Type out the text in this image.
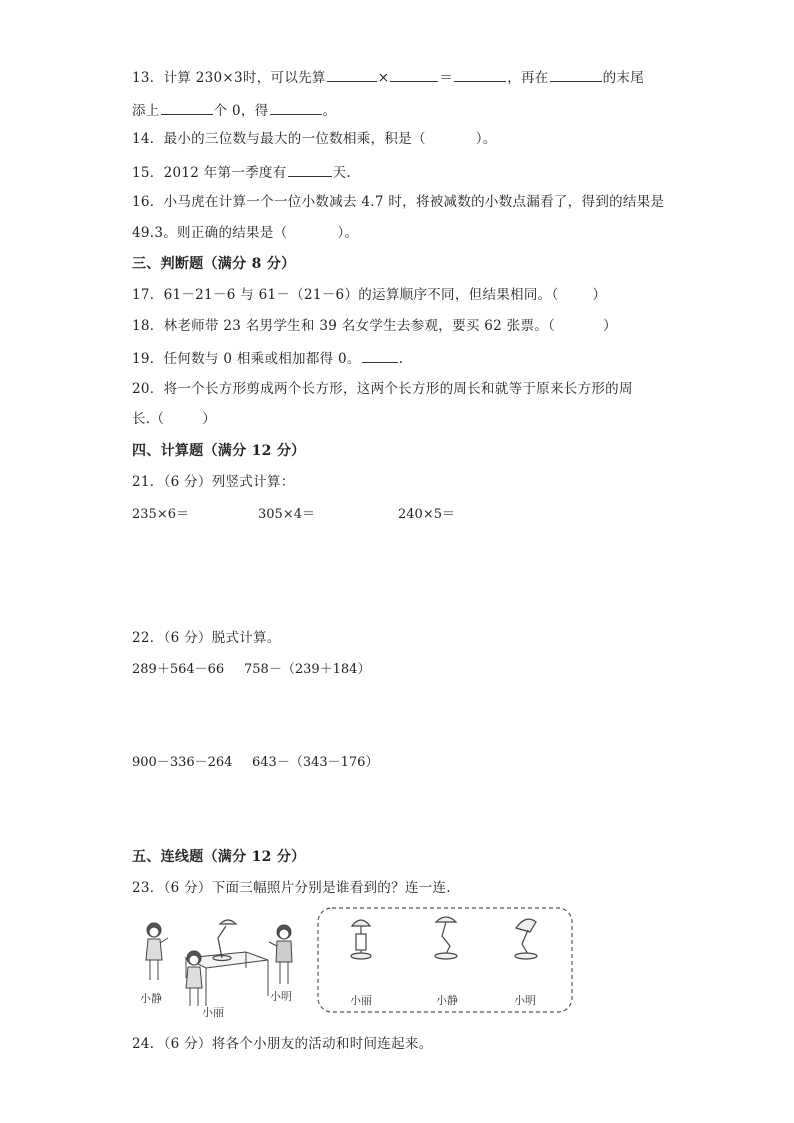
13．计算 230×3时，可以先算	×	＝	，再在	的末尾
添上	个 0，得	。
14．最小的三位数与最大的一位数相乘，积是（	）。
15．2012 年第一季度有	天.
16．小马虎在计算一个一位小数减去 4.7 时，将被减数的小数点漏看了，得到的结果是
49.3。则正确的结果是（	）。
三、判断题（满分 8 分）
17．61－21－6 与 61－（21－6）的运算顺序不同，但结果相同。（	）
18．林老师带 23 名男学生和 39 名女学生去参观，要买 62 张票。（	）
19．任何数与 0 相乘或相加都得 0。	.
20．将一个长方形剪成两个长方形，这两个长方形的周长和就等于原来长方形的周
长.（	）
四、计算题（满分 12 分）
21．（6 分）列竖式计算：
235×6＝	305×4＝	240×5＝
22．（6 分）脱式计算。
289＋564－66 758－（239＋184）
900－336－264 643－（343－176）
五、连线题（满分 12 分）
23．（6 分）下面三幅照片分别是谁看到的？连一连.
小静
小丽
小明	小丽	小静	小明
24．（6 分）将各个小朋友的活动和时间连起来。
